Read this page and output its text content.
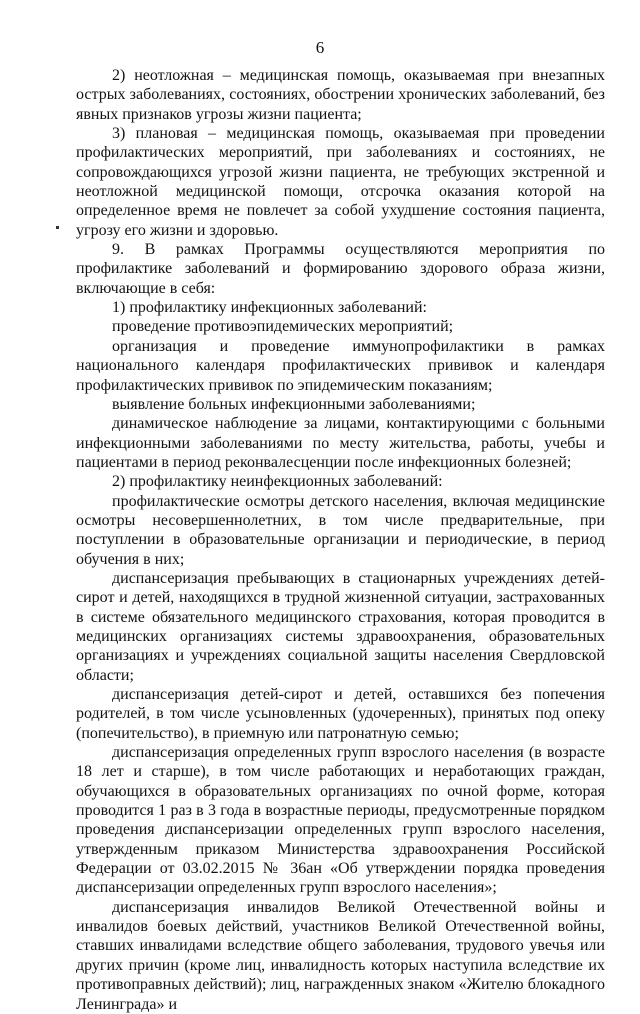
6

2) неотложная – медицинская помощь, оказываемая при внезапных острых заболеваниях, состояниях, обострении хронических заболеваний, без явных признаков угрозы жизни пациента;

3) плановая – медицинская помощь, оказываемая при проведении профилактических мероприятий, при заболеваниях и состояниях, не сопровождающихся угрозой жизни пациента, не требующих экстренной и неотложной медицинской помощи, отсрочка оказания которой на определенное время не повлечет за собой ухудшение состояния пациента, угрозу его жизни и здоровью.

9. В рамках Программы осуществляются мероприятия по профилактике заболеваний и формированию здорового образа жизни, включающие в себя:

1) профилактику инфекционных заболеваний:

проведение противоэпидемических мероприятий;

организация и проведение иммунопрофилактики в рамках национального календаря профилактических прививок и календаря профилактических прививок по эпидемическим показаниям;

выявление больных инфекционными заболеваниями;

динамическое наблюдение за лицами, контактирующими с больными инфекционными заболеваниями по месту жительства, работы, учебы и пациентами в период реконвалесценции после инфекционных болезней;

2) профилактику неинфекционных заболеваний:

профилактические осмотры детского населения, включая медицинские осмотры несовершеннолетних, в том числе предварительные, при поступлении в образовательные организации и периодические, в период обучения в них;

диспансеризация пребывающих в стационарных учреждениях детей-сирот и детей, находящихся в трудной жизненной ситуации, застрахованных в системе обязательного медицинского страхования, которая проводится в медицинских организациях системы здравоохранения, образовательных организациях и учреждениях социальной защиты населения Свердловской области;

диспансеризация детей-сирот и детей, оставшихся без попечения родителей, в том числе усыновленных (удочеренных), принятых под опеку (попечительство), в приемную или патронатную семью;

диспансеризация определенных групп взрослого населения (в возрасте 18 лет и старше), в том числе работающих и неработающих граждан, обучающихся в образовательных организациях по очной форме, которая проводится 1 раз в 3 года в возрастные периоды, предусмотренные порядком проведения диспансеризации определенных групп взрослого населения, утвержденным приказом Министерства здравоохранения Российской Федерации от 03.02.2015 № 36ан «Об утверждении порядка проведения диспансеризации определенных групп взрослого населения»;

диспансеризация инвалидов Великой Отечественной войны и инвалидов боевых действий, участников Великой Отечественной войны, ставших инвалидами вследствие общего заболевания, трудового увечья или других причин (кроме лиц, инвалидность которых наступила вследствие их противоправных действий); лиц, награжденных знаком «Жителю блокадного Ленинграда» и
